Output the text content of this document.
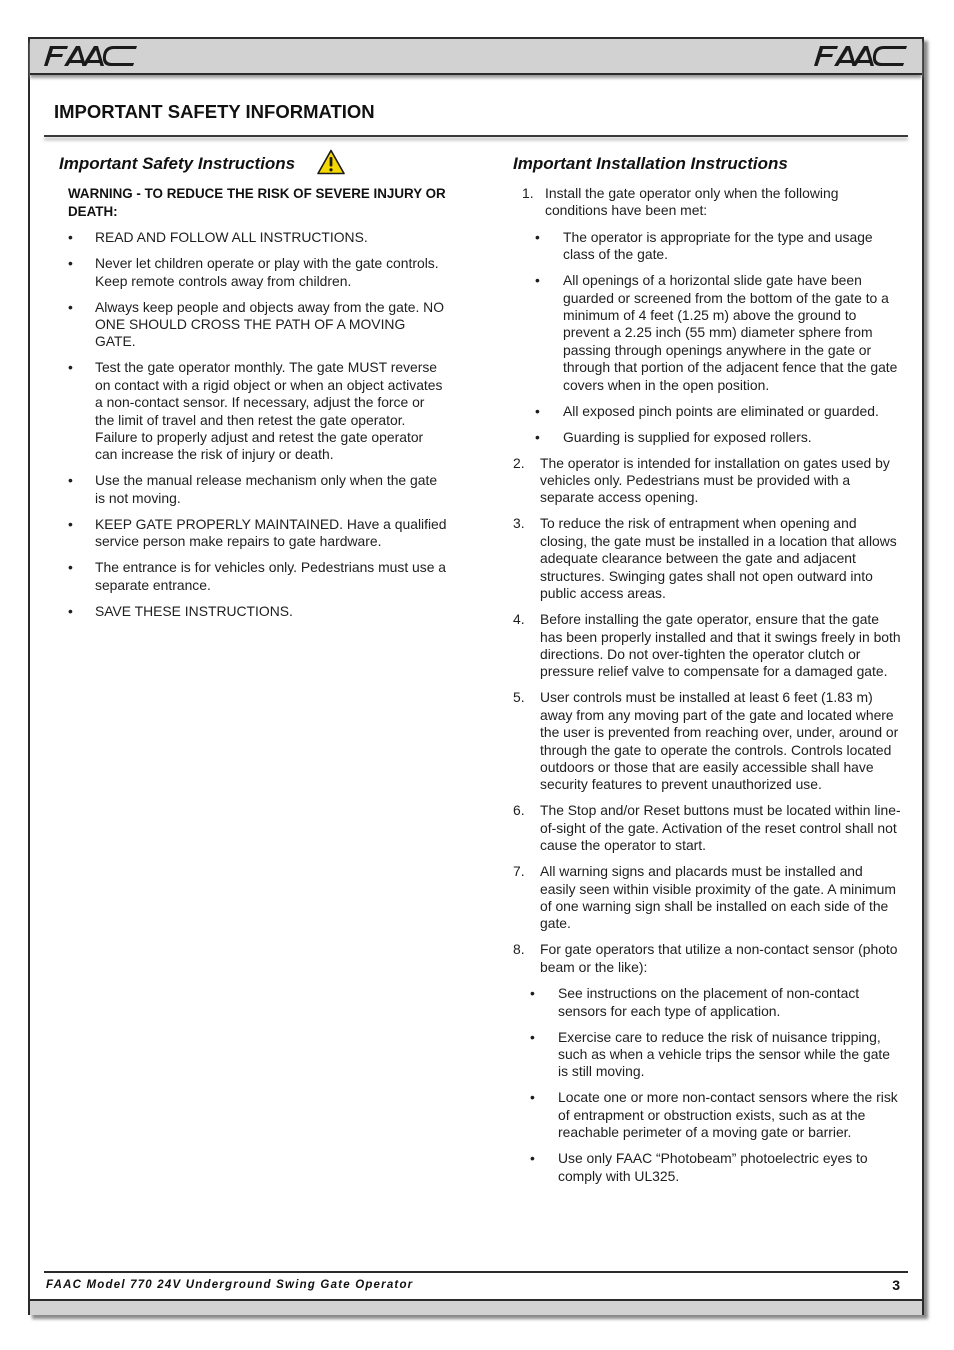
IMPORTANT SAFETY INFORMATION
Important Safety Instructions

WARNING - TO REDUCE THE RISK OF SEVERE INJURY OR DEATH:

• READ AND FOLLOW ALL INSTRUCTIONS.
• Never let children operate or play with the gate controls. Keep remote controls away from children.
• Always keep people and objects away from the gate. NO ONE SHOULD CROSS THE PATH OF A MOVING GATE.
• Test the gate operator monthly. The gate MUST reverse on contact with a rigid object or when an object activates a non-contact sensor. If necessary, adjust the force or the limit of travel and then retest the gate operator. Failure to properly adjust and retest the gate operator can increase the risk of injury or death.
• Use the manual release mechanism only when the gate is not moving.
• KEEP GATE PROPERLY MAINTAINED. Have a qualified service person make repairs to gate hardware.
• The entrance is for vehicles only. Pedestrians must use a separate entrance.
• SAVE THESE INSTRUCTIONS.
Important Installation Instructions
1. Install the gate operator only when the following conditions have been met:
• The operator is appropriate for the type and usage class of the gate.
• All openings of a horizontal slide gate have been guarded or screened from the bottom of the gate to a minimum of 4 feet (1.25 m) above the ground to prevent a 2.25 inch (55 mm) diameter sphere from passing through openings anywhere in the gate or through that portion of the adjacent fence that the gate covers when in the open position.
• All exposed pinch points are eliminated or guarded.
• Guarding is supplied for exposed rollers.
2. The operator is intended for installation on gates used by vehicles only. Pedestrians must be provided with a separate access opening.
3. To reduce the risk of entrapment when opening and closing, the gate must be installed in a location that allows adequate clearance between the gate and adjacent structures. Swinging gates shall not open outward into public access areas.
4. Before installing the gate operator, ensure that the gate has been properly installed and that it swings freely in both directions. Do not over-tighten the operator clutch or pressure relief valve to compensate for a damaged gate.
5. User controls must be installed at least 6 feet (1.83 m) away from any moving part of the gate and located where the user is prevented from reaching over, under, around or through the gate to operate the controls. Controls located outdoors or those that are easily accessible shall have security features to prevent unauthorized use.
6. The Stop and/or Reset buttons must be located within line-of-sight of the gate. Activation of the reset control shall not cause the operator to start.
7. All warning signs and placards must be installed and easily seen within visible proximity of the gate. A minimum of one warning sign shall be installed on each side of the gate.
8. For gate operators that utilize a non-contact sensor (photo beam or the like):
• See instructions on the placement of non-contact sensors for each type of application.
• Exercise care to reduce the risk of nuisance tripping, such as when a vehicle trips the sensor while the gate is still moving.
• Locate one or more non-contact sensors where the risk of entrapment or obstruction exists, such as at the reachable perimeter of a moving gate or barrier.
• Use only FAAC “Photobeam” photoelectric eyes to comply with UL325.
FAAC Model 770 24V Underground Swing Gate Operator	3
